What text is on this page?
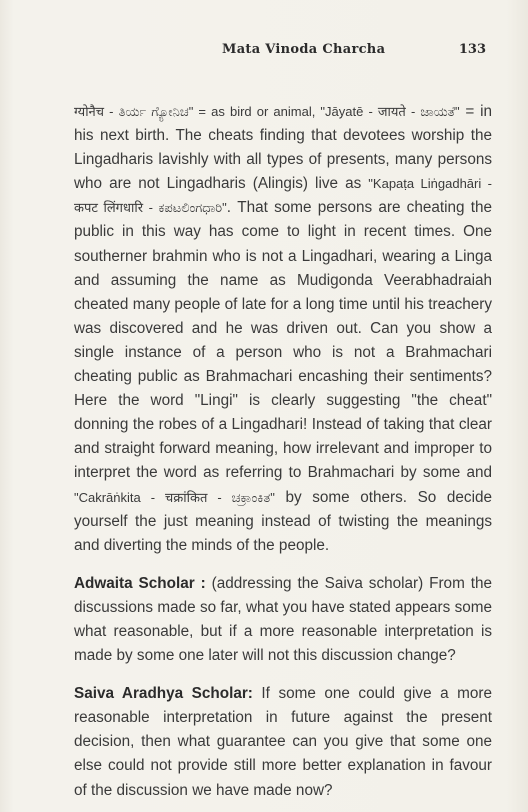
Mata Vinoda Charcha	133

ग्योनैच - ತಿರ್ಯ ಗ್ಯೋನಿಚ" = as bird or animal, "Jāyatē - जायते - ಜಾಯತೆ" = in his next birth. The cheats finding that devotees worship the Lingadharis lavishly with all types of presents, many persons who are not Lingadharis (Alingis) live as "Kapaṭa Liṅgadhāri - कपट लिंगधारि - ಕಪಟಲಿಂಗಧಾರಿ". That some persons are cheating the public in this way has come to light in recent times. One southerner brahmin who is not a Lingadhari, wearing a Linga and assuming the name as Mudigonda Veerabhadraiah cheated many people of late for a long time until his treachery was discovered and he was driven out. Can you show a single instance of a person who is not a Brahmachari cheating public as Brahmachari encashing their sentiments? Here the word "Lingi" is clearly suggesting "the cheat" donning the robes of a Lingadhari! Instead of taking that clear and straight forward meaning, how irrelevant and improper to interpret the word as referring to Brahmachari by some and "Cakrāṅkita - चक्रांकित - ಚಕ್ರಾಂಕಿತ" by some others. So decide yourself the just meaning instead of twisting the meanings and diverting the minds of the people.

Adwaita Scholar : (addressing the Saiva scholar) From the discussions made so far, what you have stated appears some what reasonable, but if a more reasonable interpretation is made by some one later will not this discussion change?

Saiva Aradhya Scholar: If some one could give a more reasonable interpretation in future against the present decision, then what guarantee can you give that some one else could not provide still more better explanation in favour of the discussion we have made now?
